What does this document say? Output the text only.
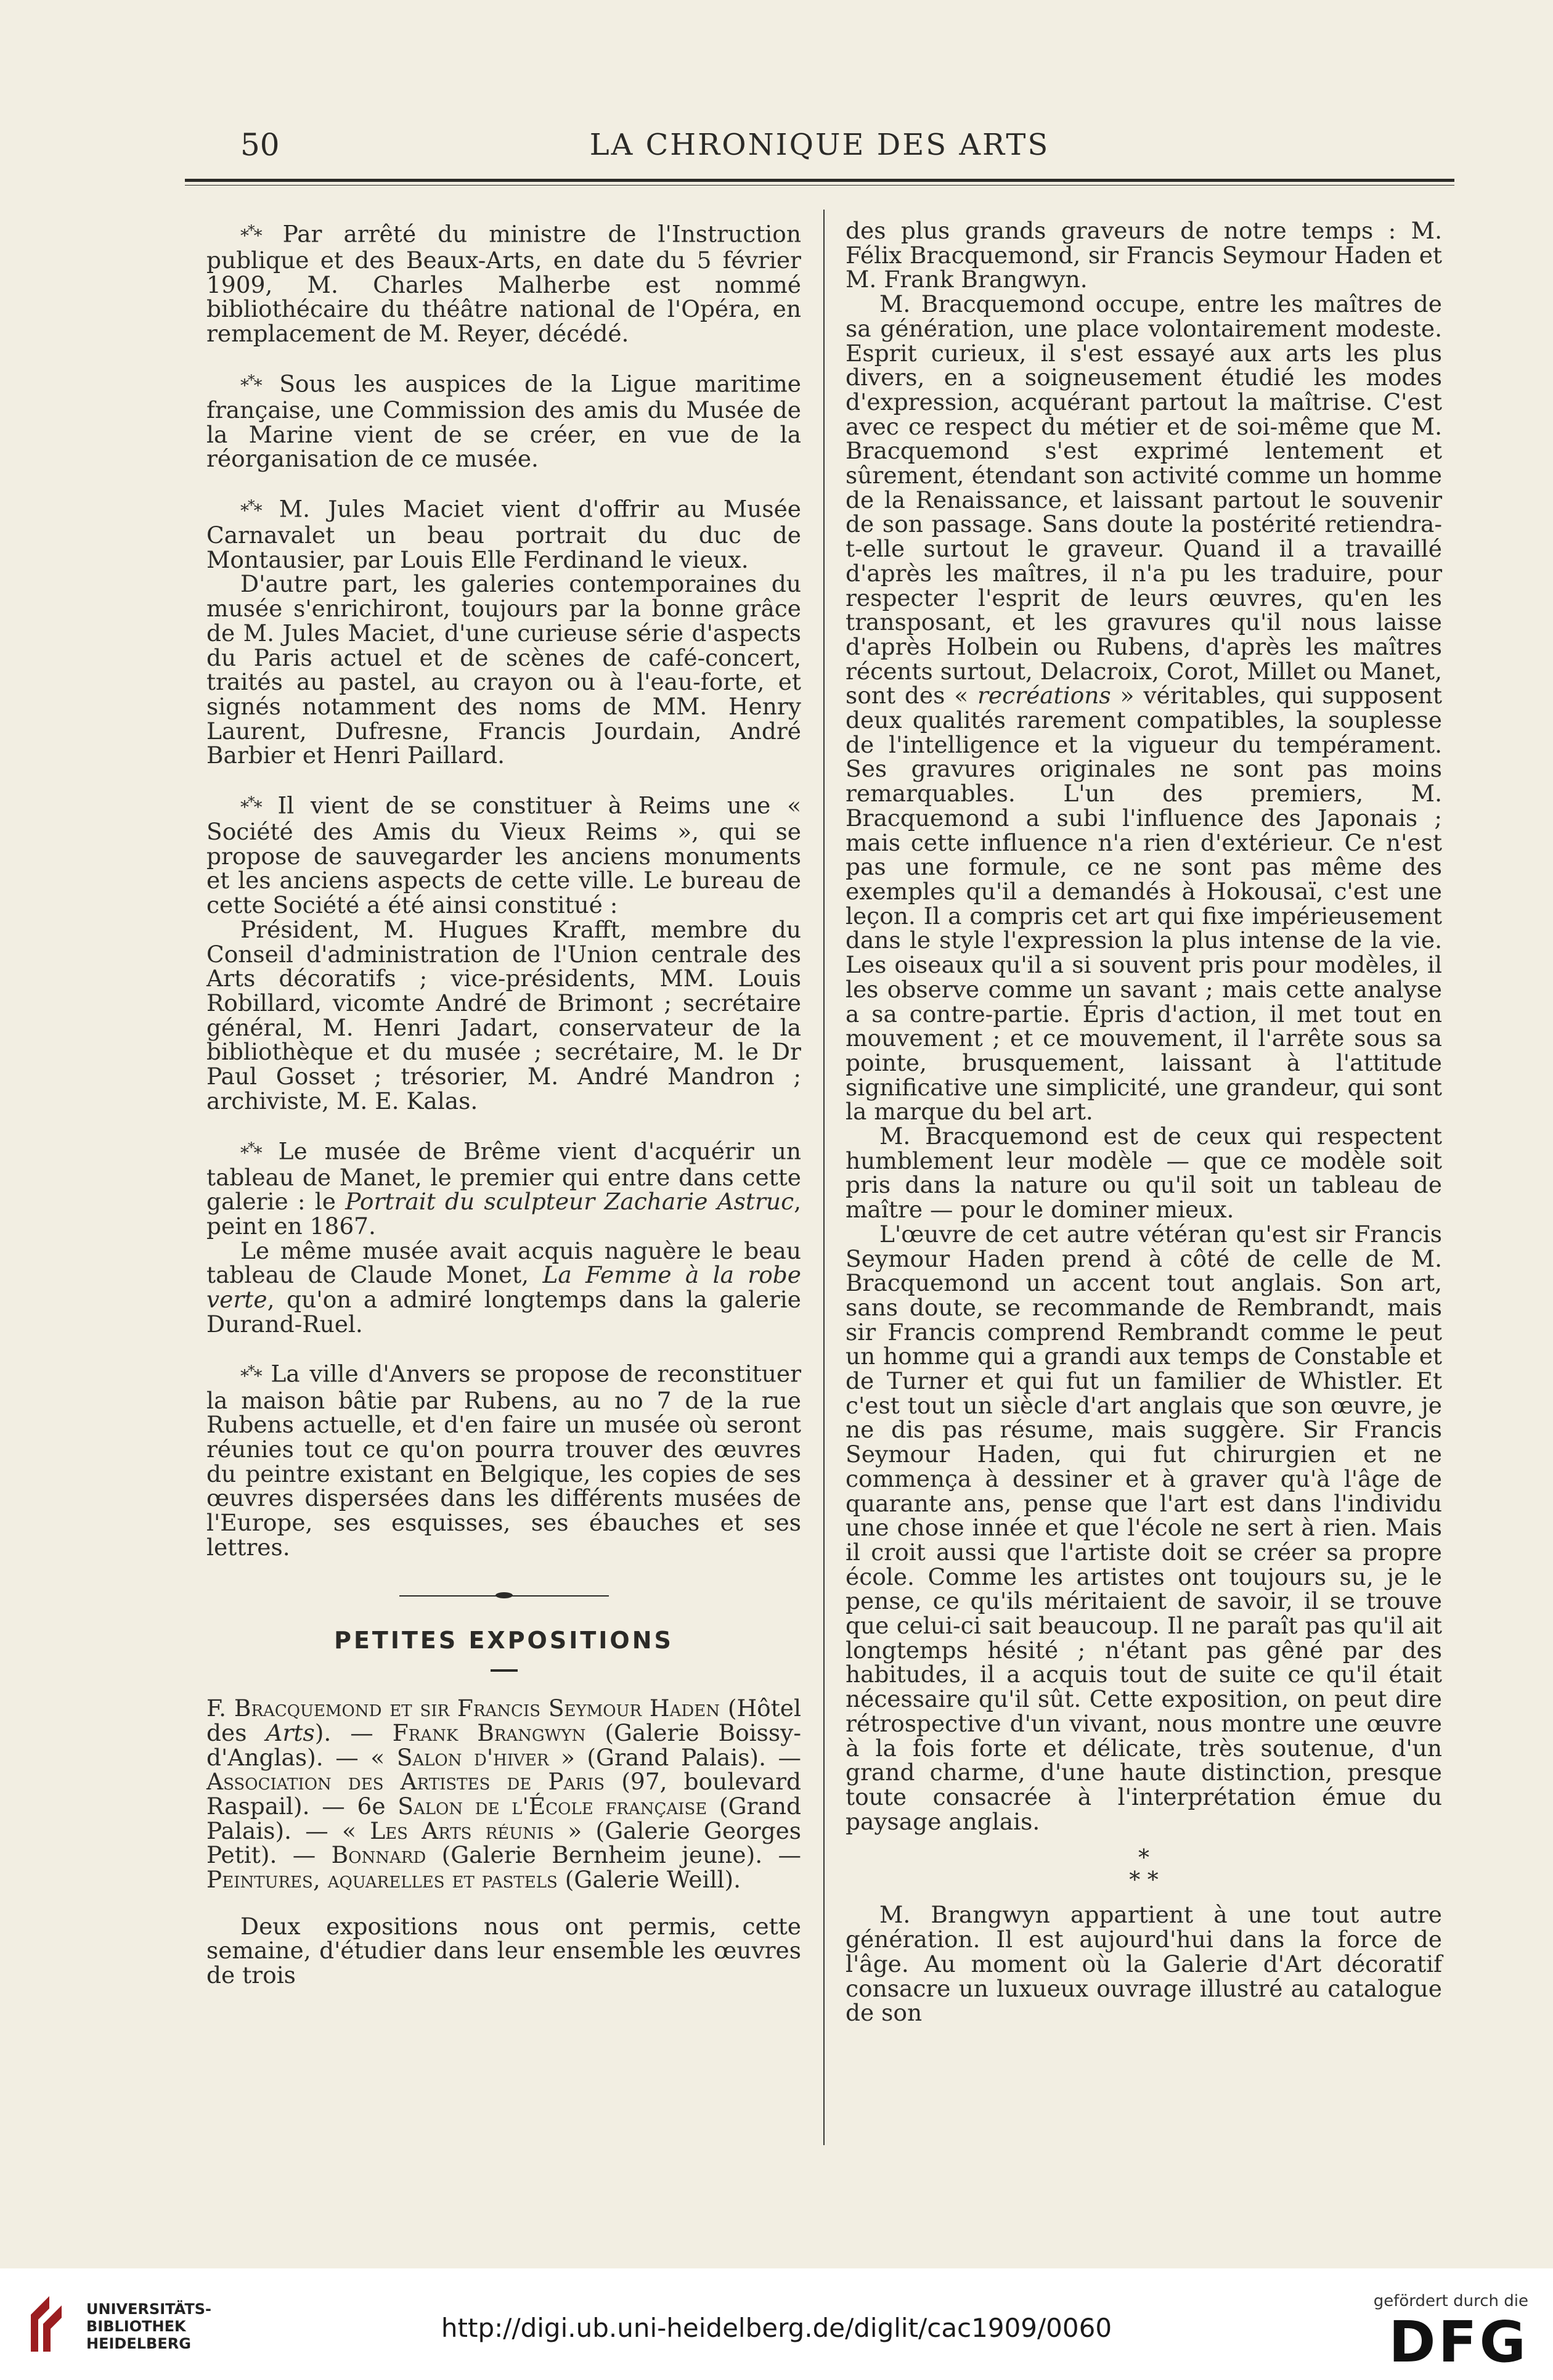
50	LA CHRONIQUE DES ARTS

*** Par arrêté du ministre de l'Instruction publique et des Beaux-Arts, en date du 5 février 1909, M. Charles Malherbe est nommé bibliothécaire du théâtre national de l'Opéra, en remplacement de M. Reyer, décédé.

*** Sous les auspices de la Ligue maritime française, une Commission des amis du Musée de la Marine vient de se créer, en vue de la réorganisation de ce musée.

*** M. Jules Maciet vient d'offrir au Musée Carnavalet un beau portrait du duc de Montausier, par Louis Elle Ferdinand le vieux.

D'autre part, les galeries contemporaines du musée s'enrichiront, toujours par la bonne grâce de M. Jules Maciet, d'une curieuse série d'aspects du Paris actuel et de scènes de café-concert, traités au pastel, au crayon ou à l'eau-forte, et signés notamment des noms de MM. Henry Laurent, Dufresne, Francis Jourdain, André Barbier et Henri Paillard.

*** Il vient de se constituer à Reims une « Société des Amis du Vieux Reims », qui se propose de sauvegarder les anciens monuments et les anciens aspects de cette ville. Le bureau de cette Société a été ainsi constitué :

Président, M. Hugues Krafft, membre du Conseil d'administration de l'Union centrale des Arts décoratifs ; vice-présidents, MM. Louis Robillard, vicomte André de Brimont ; secrétaire général, M. Henri Jadart, conservateur de la bibliothèque et du musée ; secrétaire, M. le Dr Paul Gosset ; trésorier, M. André Mandron ; archiviste, M. E. Kalas.

*** Le musée de Brême vient d'acquérir un tableau de Manet, le premier qui entre dans cette galerie : le Portrait du sculpteur Zacharie Astruc, peint en 1867.

Le même musée avait acquis naguère le beau tableau de Claude Monet, La Femme à la robe verte, qu'on a admiré longtemps dans la galerie Durand-Ruel.

*** La ville d'Anvers se propose de reconstituer la maison bâtie par Rubens, au no 7 de la rue Rubens actuelle, et d'en faire un musée où seront réunies tout ce qu'on pourra trouver des œuvres du peintre existant en Belgique, les copies de ses œuvres dispersées dans les différents musées de l'Europe, ses esquisses, ses ébauches et ses lettres.

PETITES EXPOSITIONS

F. Bracquemond et sir Francis Seymour Haden (Hôtel des Arts). — Frank Brangwyn (Galerie Boissy-d'Anglas). — « Salon d'hiver » (Grand Palais). — Association des Artistes de Paris (97, boulevard Raspail). — 6e Salon de l'École française (Grand Palais). — « Les Arts réunis » (Galerie Georges Petit). — Bonnard (Galerie Bernheim jeune). — Peintures, aquarelles et pastels (Galerie Weill).

Deux expositions nous ont permis, cette semaine, d'étudier dans leur ensemble les œuvres de trois

des plus grands graveurs de notre temps : M. Félix Bracquemond, sir Francis Seymour Haden et M. Frank Brangwyn.

M. Bracquemond occupe, entre les maîtres de sa génération, une place volontairement modeste. Esprit curieux, il s'est essayé aux arts les plus divers, en a soigneusement étudié les modes d'expression, acquérant partout la maîtrise. C'est avec ce respect du métier et de soi-même que M. Bracquemond s'est exprimé lentement et sûrement, étendant son activité comme un homme de la Renaissance, et laissant partout le souvenir de son passage. Sans doute la postérité retiendra-t-elle surtout le graveur. Quand il a travaillé d'après les maîtres, il n'a pu les traduire, pour respecter l'esprit de leurs œuvres, qu'en les transposant, et les gravures qu'il nous laisse d'après Holbein ou Rubens, d'après les maîtres récents surtout, Delacroix, Corot, Millet ou Manet, sont des « recréations » véritables, qui supposent deux qualités rarement compatibles, la souplesse de l'intelligence et la vigueur du tempérament. Ses gravures originales ne sont pas moins remarquables. L'un des premiers, M. Bracquemond a subi l'influence des Japonais ; mais cette influence n'a rien d'extérieur. Ce n'est pas une formule, ce ne sont pas même des exemples qu'il a demandés à Hokousaï, c'est une leçon. Il a compris cet art qui fixe impérieusement dans le style l'expression la plus intense de la vie. Les oiseaux qu'il a si souvent pris pour modèles, il les observe comme un savant ; mais cette analyse a sa contre-partie. Épris d'action, il met tout en mouvement ; et ce mouvement, il l'arrête sous sa pointe, brusquement, laissant à l'attitude significative une simplicité, une grandeur, qui sont la marque du bel art.

M. Bracquemond est de ceux qui respectent humblement leur modèle — que ce modèle soit pris dans la nature ou qu'il soit un tableau de maître — pour le dominer mieux.

L'œuvre de cet autre vétéran qu'est sir Francis Seymour Haden prend à côté de celle de M. Bracquemond un accent tout anglais. Son art, sans doute, se recommande de Rembrandt, mais sir Francis comprend Rembrandt comme le peut un homme qui a grandi aux temps de Constable et de Turner et qui fut un familier de Whistler. Et c'est tout un siècle d'art anglais que son œuvre, je ne dis pas résume, mais suggère. Sir Francis Seymour Haden, qui fut chirurgien et ne commença à dessiner et à graver qu'à l'âge de quarante ans, pense que l'art est dans l'individu une chose innée et que l'école ne sert à rien. Mais il croit aussi que l'artiste doit se créer sa propre école. Comme les artistes ont toujours su, je le pense, ce qu'ils méritaient de savoir, il se trouve que celui-ci sait beaucoup. Il ne paraît pas qu'il ait longtemps hésité ; n'étant pas gêné par des habitudes, il a acquis tout de suite ce qu'il était nécessaire qu'il sût. Cette exposition, on peut dire rétrospective d'un vivant, nous montre une œuvre à la fois forte et délicate, très soutenue, d'un grand charme, d'une haute distinction, presque toute consacrée à l'interprétation émue du paysage anglais.

*
* *

M. Brangwyn appartient à une tout autre génération. Il est aujourd'hui dans la force de l'âge. Au moment où la Galerie d'Art décoratif consacre un luxueux ouvrage illustré au catalogue de son

UNIVERSITÄTS-
BIBLIOTHEK
HEIDELBERG
http://digi.ub.uni-heidelberg.de/diglit/cac1909/0060
gefördert durch die
DFG
